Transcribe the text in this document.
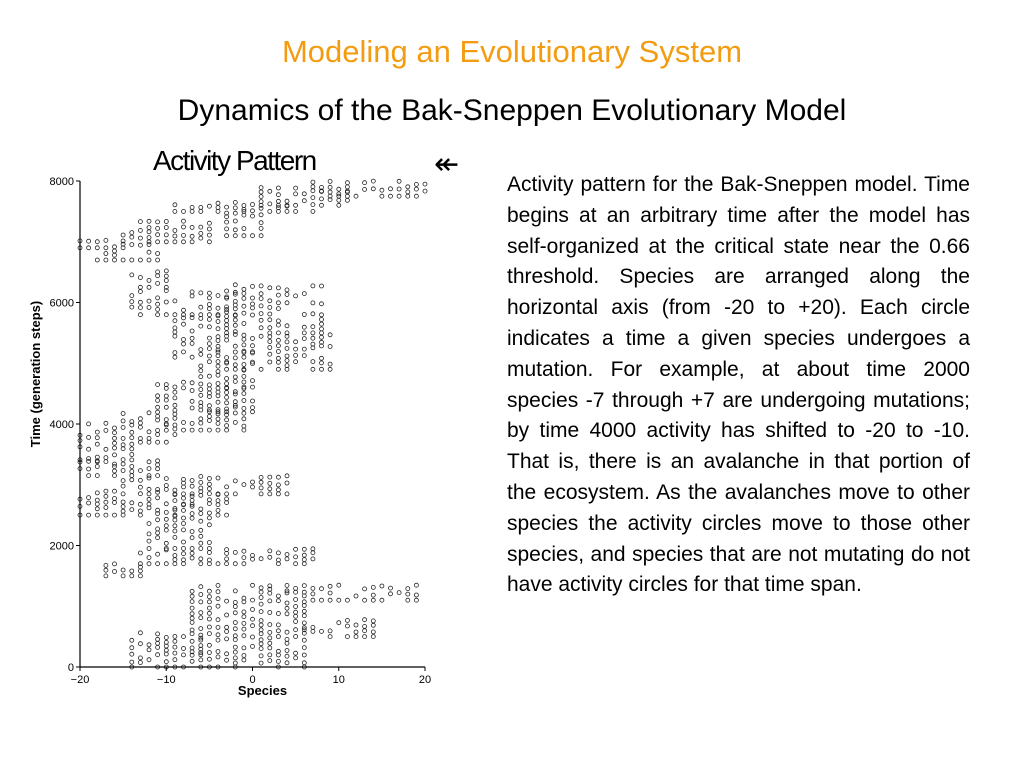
Modeling an Evolutionary System
Dynamics of the Bak-Sneppen Evolutionary Model
Activity Pattern	↞
−20	−10	0	10	20
0
2000
4000
6000
8000
Species
Time (generation steps)
Activity pattern for the Bak-Sneppen model. Time begins at an arbitrary time after the model has self-organized at the critical state near the 0.66 threshold. Species are arranged along the horizontal axis (from -20 to +20). Each circle indicates a time a given species undergoes a mutation. For example, at about time 2000 species -7 through +7 are undergoing mutations; by time 4000 activity has shifted to -20 to -10. That is, there is an avalanche in that portion of the ecosystem. As the avalanches move to other species the activity circles move to those other species, and species that are not mutating do not have activity circles for that time span.
